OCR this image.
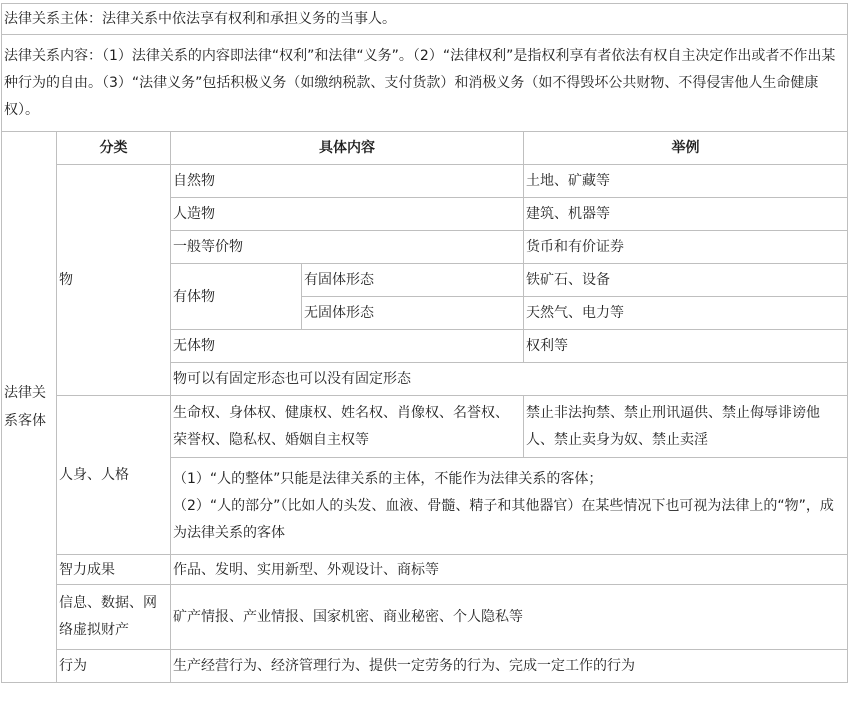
法律关系主体：法律关系中依法享有权利和承担义务的当事人。				
法律关系内容：（1）法律关系的内容即法律“权利”和法律“义务”。（2）“法律权利”是指权利享有者依法有权自主决定作出或者不作出某种行为的自由。（3）“法律义务”包括积极义务（如缴纳税款、支付货款）和消极义务（如不得毁坏公共财物、不得侵害他人生命健康权）。				
法律关系客体	分类	具体内容		举例
	物	自然物		土地、矿藏等
		人造物		建筑、机器等
		一般等价物		货币和有价证券
		有体物	有固体形态	铁矿石、设备
			无固体形态	天然气、电力等
		无体物		权利等
		物可以有固定形态也可以没有固定形态		
	人身、人格	生命权、身体权、健康权、姓名权、肖像权、名誉权、荣誉权、隐私权、婚姻自主权等		禁止非法拘禁、禁止刑讯逼供、禁止侮辱诽谤他人、禁止卖身为奴、禁止卖淫

		（1）“人的整体”只能是法律关系的主体，不能作为法律关系的客体；
（2）“人的部分”（比如人的头发、血液、骨髓、精子和其他器官）在某些情况下也可视为法律上的“物”，成为法律关系的客体		

	智力成果	作品、发明、实用新型、外观设计、商标等		
	信息、数据、网络虚拟财产	矿产情报、产业情报、国家机密、商业秘密、个人隐私等		
	行为	生产经营行为、经济管理行为、提供一定劳务的行为、完成一定工作的行为		
